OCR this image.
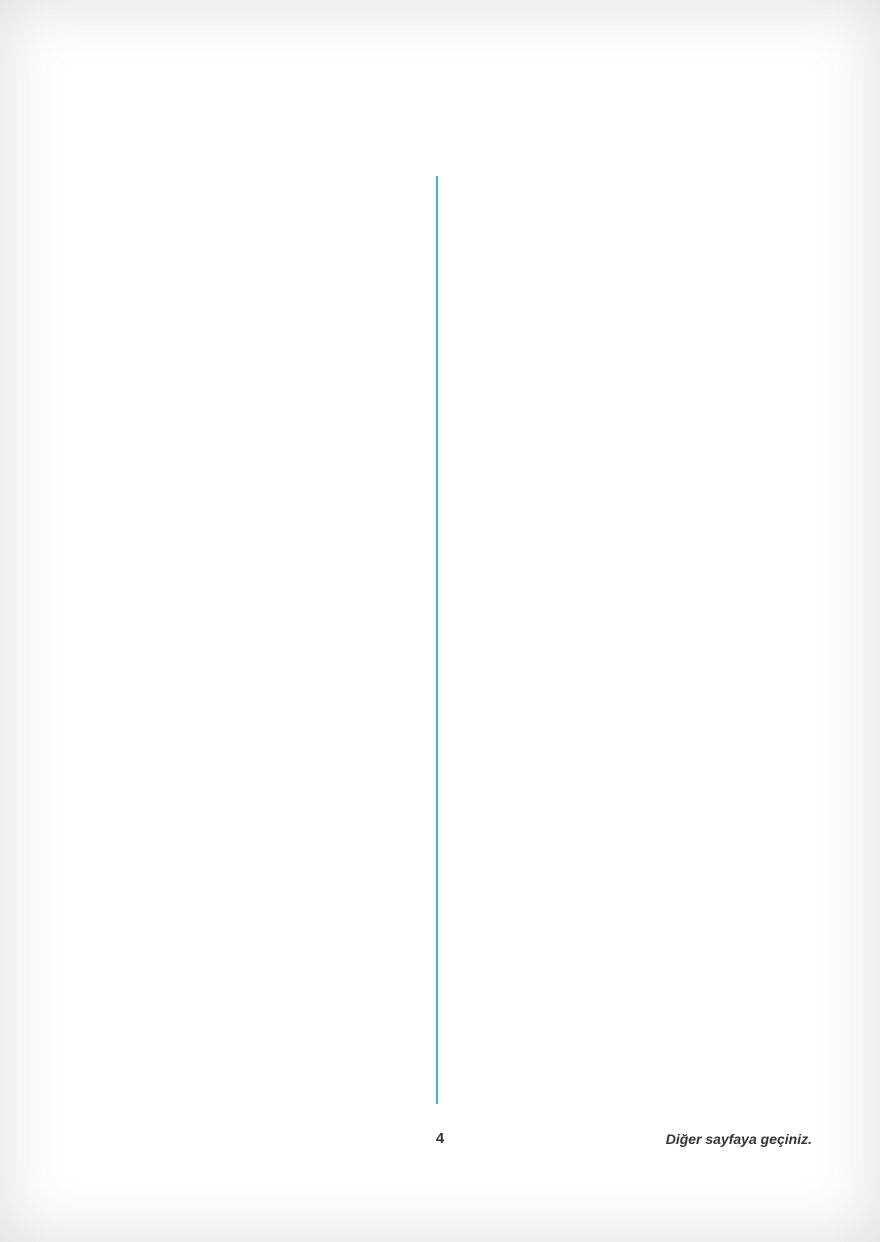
4	Diğer sayfaya geçiniz.
